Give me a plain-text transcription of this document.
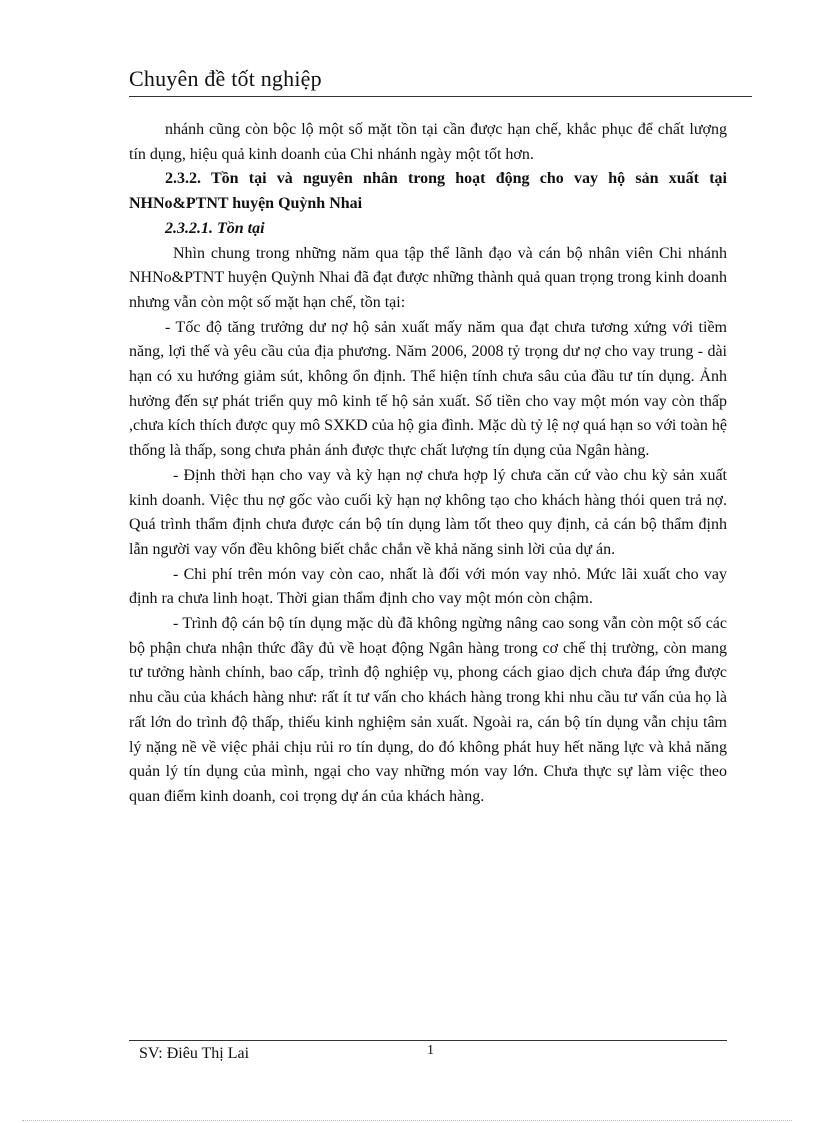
Chuyên đề tốt nghiệp

nhánh cũng còn bộc lộ một số mặt tồn tại cần được hạn chế, khắc phục để chất lượng tín dụng, hiệu quả kinh doanh của Chi nhánh ngày một tốt hơn.

2.3.2. Tồn tại và nguyên nhân trong hoạt động cho vay hộ sản xuất tại NHNo&PTNT huyện Quỳnh Nhai

2.3.2.1. Tồn tại

Nhìn chung trong những năm qua tập thể lãnh đạo và cán bộ nhân viên Chi nhánh NHNo&PTNT huyện Quỳnh Nhai đã đạt được những thành quả quan trọng trong kinh doanh nhưng vẫn còn một số mặt hạn chế, tồn tại:

- Tốc độ tăng trưởng dư nợ hộ sản xuất mấy năm qua đạt chưa tương xứng với tiềm năng, lợi thế và yêu cầu của địa phương. Năm 2006, 2008 tỷ trọng dư nợ cho vay trung - dài hạn có xu hướng giảm sút, không ổn định. Thể hiện tính chưa sâu của đầu tư tín dụng. Ảnh hưởng đến sự phát triển quy mô kinh tế hộ sản xuất. Số tiền cho vay một món vay còn thấp ,chưa kích thích được quy mô SXKD của hộ gia đình. Mặc dù tỷ lệ nợ quá hạn so với toàn hệ thống là thấp, song chưa phản ánh được thực chất lượng tín dụng của Ngân hàng.

- Định thời hạn cho vay và kỳ hạn nợ chưa hợp lý chưa căn cứ vào chu kỳ sản xuất kinh doanh. Việc thu nợ gốc vào cuối kỳ hạn nợ không tạo cho khách hàng thói quen trả nợ. Quá trình thẩm định chưa được cán bộ tín dụng làm tốt theo quy định, cả cán bộ thẩm định lẫn người vay vốn đều không biết chắc chắn về khả năng sinh lời của dự án.

- Chi phí trên món vay còn cao, nhất là đối với món vay nhỏ. Mức lãi xuất cho vay định ra chưa linh hoạt. Thời gian thẩm định cho vay một món còn chậm.

- Trình độ cán bộ tín dụng mặc dù đã không ngừng nâng cao song vẫn còn một số các bộ phận chưa nhận thức đầy đủ về hoạt động Ngân hàng trong cơ chế thị trường, còn mang tư tưởng hành chính, bao cấp, trình độ nghiệp vụ, phong cách giao dịch chưa đáp ứng được nhu cầu của khách hàng như: rất ít tư vấn cho khách hàng trong khi nhu cầu tư vấn của họ là rất lớn do trình độ thấp, thiếu kinh nghiệm sản xuất. Ngoài ra, cán bộ tín dụng vẫn chịu tâm lý nặng nề về việc phải chịu rủi ro tín dụng, do đó không phát huy hết năng lực và khả năng quản lý tín dụng của mình, ngại cho vay những món vay lớn. Chưa thực sự làm việc theo quan điểm kinh doanh, coi trọng dự án của khách hàng.

SV: Điêu Thị Lai	1
